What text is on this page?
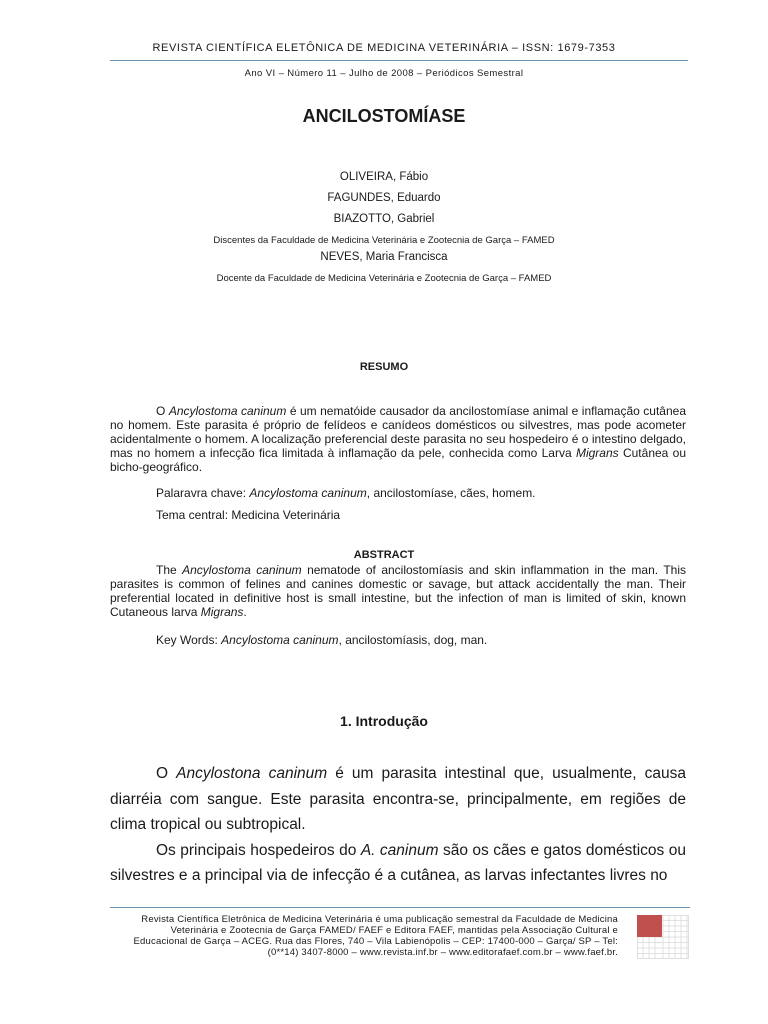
REVISTA CIENTÍFICA ELETÔNICA DE MEDICINA VETERINÁRIA – ISSN: 1679-7353
Ano VI – Número 11 – Julho de 2008 – Periódicos Semestral
ANCILOSTOMÍASE
OLIVEIRA, Fábio
FAGUNDES, Eduardo
BIAZOTTO, Gabriel
Discentes da Faculdade de Medicina Veterinária e Zootecnia de Garça – FAMED
NEVES, Maria Francisca
Docente da Faculdade de Medicina Veterinária e Zootecnia de Garça – FAMED
RESUMO
O Ancylostoma caninum é um nematóide causador da ancilostomíase animal e inflamação cutânea no homem. Este parasita é próprio de felídeos e canídeos domésticos ou silvestres, mas pode acometer acidentalmente o homem. A localização preferencial deste parasita no seu hospedeiro é o intestino delgado, mas no homem a infecção fica limitada à inflamação da pele, conhecida como Larva Migrans Cutânea ou bicho-geográfico.
Palaravra chave: Ancylostoma caninum, ancilostomíase, cães, homem.
Tema central: Medicina Veterinária
ABSTRACT
The Ancylostoma caninum nematode of ancilostomíasis and skin inflammation in the man. This parasites is common of felines and canines domestic or savage, but attack accidentally the man. Their preferential located in definitive host is small intestine, but the infection of man is limited of skin, known Cutaneous larva Migrans.
Key Words: Ancylostoma caninum, ancilostomíasis, dog, man.
1. Introdução

O Ancylostona caninum é um parasita intestinal que, usualmente, causa diarréia com sangue. Este parasita encontra-se, principalmente, em regiões de clima tropical ou subtropical.

Os principais hospedeiros do A. caninum são os cães e gatos domésticos ou silvestres e a principal via de infecção é a cutânea, as larvas infectantes livres no

Revista Científica Eletrônica de Medicina Veterinária é uma publicação semestral da Faculdade de Medicina
Veterinária e Zootecnia de Garça FAMED/ FAEF e Editora FAEF, mantidas pela Associação Cultural e
Educacional de Garça – ACEG. Rua das Flores, 740 – Vila Labienópolis – CEP: 17400-000 – Garça/ SP – Tel:
(0**14) 3407-8000 – www.revista.inf.br – www.editorafaef.com.br – www.faef.br.
